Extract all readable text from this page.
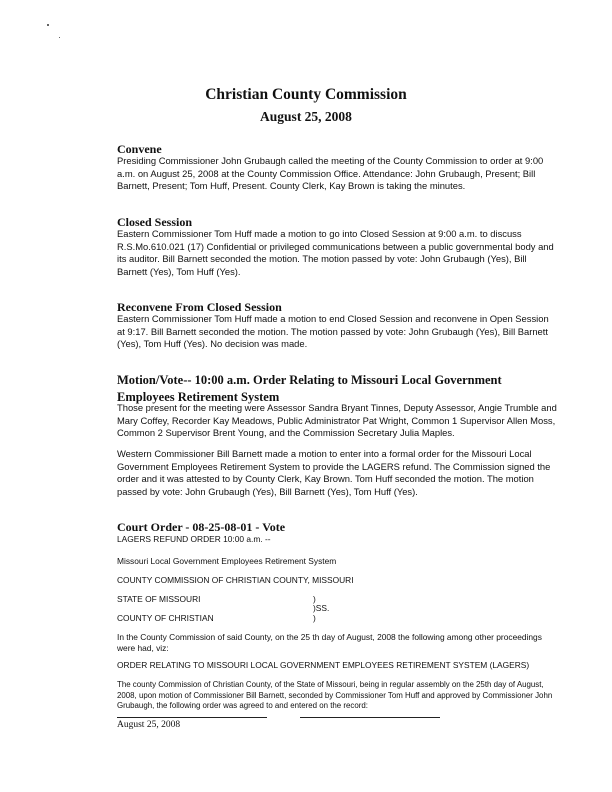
Christian County Commission
August 25, 2008
Convene
Presiding Commissioner John Grubaugh called the meeting of the County Commission to order at 9:00 a.m. on August 25, 2008 at the County Commission Office. Attendance: John Grubaugh, Present; Bill Barnett, Present; Tom Huff, Present. County Clerk, Kay Brown is taking the minutes.
Closed Session
Eastern Commissioner Tom Huff made a motion to go into Closed Session at 9:00 a.m. to discuss R.S.Mo.610.021 (17) Confidential or privileged communications between a public governmental body and its auditor. Bill Barnett seconded the motion. The motion passed by vote: John Grubaugh (Yes), Bill Barnett (Yes), Tom Huff (Yes).
Reconvene From Closed Session
Eastern Commissioner Tom Huff made a motion to end Closed Session and reconvene in Open Session at 9:17. Bill Barnett seconded the motion. The motion passed by vote: John Grubaugh (Yes), Bill Barnett (Yes), Tom Huff (Yes). No decision was made.
Motion/Vote-- 10:00 a.m. Order Relating to Missouri Local Government Employees Retirement System
Those present for the meeting were Assessor Sandra Bryant Tinnes, Deputy Assessor, Angie Trumble and Mary Coffey, Recorder Kay Meadows, Public Administrator Pat Wright, Common 1 Supervisor Allen Moss, Common 2 Supervisor Brent Young, and the Commission Secretary Julia Maples.
Western Commissioner Bill Barnett made a motion to enter into a formal order for the Missouri Local Government Employees Retirement System to provide the LAGERS refund. The Commission signed the order and it was attested to by County Clerk, Kay Brown. Tom Huff seconded the motion. The motion passed by vote: John Grubaugh (Yes), Bill Barnett (Yes), Tom Huff (Yes).
Court Order - 08-25-08-01 - Vote
LAGERS REFUND ORDER 10:00 a.m. --
Missouri Local Government Employees Retirement System
COUNTY COMMISSION OF CHRISTIAN COUNTY, MISSOURI
STATE OF MISSOURI	)
)SS.
COUNTY OF CHRISTIAN	)
In the County Commission of said County, on the 25 th day of August, 2008 the following among other proceedings were had, viz:
ORDER RELATING TO MISSOURI LOCAL GOVERNMENT EMPLOYEES RETIREMENT SYSTEM (LAGERS)
The county Commission of Christian County, of the State of Missouri, being in regular assembly on the 25th day of August, 2008, upon motion of Commissioner Bill Barnett, seconded by Commissioner Tom Huff and approved by Commissioner John Grubaugh, the following order was agreed to and entered on the record:
August 25, 2008
